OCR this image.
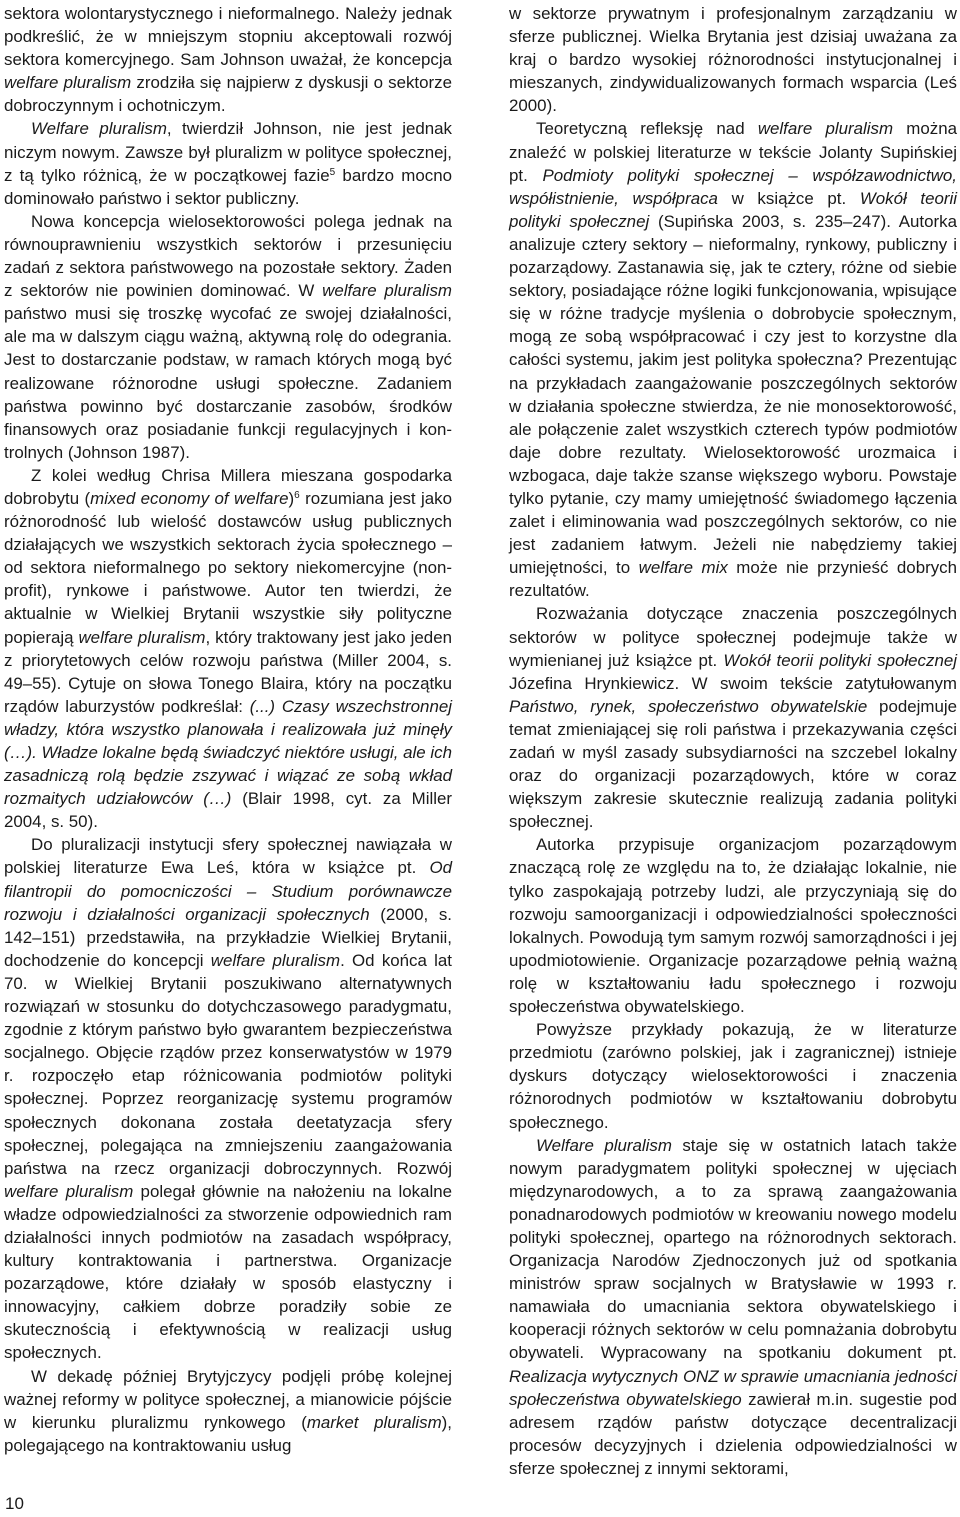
sektora wolontarystycznego i nieformalnego. Należy jednak podkreślić, że w mniejszym stopniu akceptowali rozwój sektora komercyjnego. Sam Johnson uważał, że koncepcja welfare pluralism zrodziła się najpierw z dyskusji o sektorze dobroczynnym i ochotniczym.

Welfare pluralism, twierdził Johnson, nie jest jednak niczym nowym. Zawsze był pluralizm w polityce społecznej, z tą tylko różnicą, że w początkowej fazie$^5$ bardzo mocno dominowało państwo i sektor publiczny.

Nowa koncepcja wielosektorowości polega jednak na równouprawnieniu wszystkich sektorów i przesunięciu zadań z sektora państwowego na pozostałe sektory. Żaden z sektorów nie powinien dominować. W welfare pluralism państwo musi się troszkę wycofać ze swojej działalności, ale ma w dalszym ciągu ważną, aktywną rolę do odegrania. Jest to dostarczanie podstaw, w ramach których mogą być realizowane różnorodne usługi społeczne. Zadaniem państwa powinno być dostarczanie zasobów, środków finansowych oraz posiadanie funkcji regulacyjnych i kontrolnych (Johnson 1987).

Z kolei według Chrisa Millera mieszana gospodarka dobrobytu (mixed economy of welfare)$^6$ rozumiana jest jako różnorodność lub wielość dostawców usług publicznych działających we wszystkich sektorach życia społecznego – od sektora nieformalnego po sektory niekomercyjne (non-profit), rynkowe i państwowe. Autor ten twierdzi, że aktualnie w Wielkiej Brytanii wszystkie siły polityczne popierają welfare pluralism, który traktowany jest jako jeden z priorytetowych celów rozwoju państwa (Miller 2004, s. 49–55). Cytuje on słowa Tonego Blaira, który na początku rządów laburzystów podkreślał: (...) Czasy wszechstronnej władzy, która wszystko planowała i realizowała już minęły (…). Władze lokalne będą świadczyć niektóre usługi, ale ich zasadniczą rolą będzie zszywać i wiązać ze sobą wkład rozmaitych udziałowców (…) (Blair 1998, cyt. za Miller 2004, s. 50).

Do pluralizacji instytucji sfery społecznej nawiązała w polskiej literaturze Ewa Leś, która w książce pt. Od filantropii do pomocniczości – Studium porównawcze rozwoju i działalności organizacji społecznych (2000, s. 142–151) przedstawiła, na przykładzie Wielkiej Brytanii, dochodzenie do koncepcji welfare pluralism. Od końca lat 70. w Wielkiej Brytanii poszukiwano alternatywnych rozwiązań w stosunku do dotychczasowego paradygmatu, zgodnie z którym państwo było gwarantem bezpieczeństwa socjalnego. Objęcie rządów przez konserwatystów w 1979 r. rozpoczęło etap różnicowania podmiotów polityki społecznej. Poprzez reorganizację systemu programów społecznych dokonana została deetatyzacja sfery społecznej, polegająca na zmniejszeniu zaangażowania państwa na rzecz organizacji dobroczynnych. Rozwój welfare pluralism polegał głównie na nałożeniu na lokalne władze odpowiedzialności za stworzenie odpowiednich ram działalności innych podmiotów na zasadach współpracy, kultury kontraktowania i partnerstwa. Organizacje pozarządowe, które działały w sposób elastyczny i innowacyjny, całkiem dobrze poradziły sobie ze skutecznością i efektywnością w realizacji usług społecznych.

W dekadę później Brytyjczycy podjęli próbę kolejnej ważnej reformy w polityce społecznej, a mianowicie pójście w kierunku pluralizmu rynkowego (market pluralism), polegającego na kontraktowaniu usług

w sektorze prywatnym i profesjonalnym zarządzaniu w sferze publicznej. Wielka Brytania jest dzisiaj uważana za kraj o bardzo wysokiej różnorodności instytucjonalnej i mieszanych, zindywidualizowanych formach wsparcia (Leś 2000).

Teoretyczną refleksję nad welfare pluralism można znaleźć w polskiej literaturze w tekście Jolanty Supińskiej pt. Podmioty polityki społecznej – współzawodnictwo, współistnienie, współpraca w książce pt. Wokół teorii polityki społecznej (Supińska 2003, s. 235–247). Autorka analizuje cztery sektory – nieformalny, rynkowy, publiczny i pozarządowy. Zastanawia się, jak te cztery, różne od siebie sektory, posiadające różne logiki funkcjonowania, wpisujące się w różne tradycje myślenia o dobrobycie społecznym, mogą ze sobą współpracować i czy jest to korzystne dla całości systemu, jakim jest polityka społeczna? Prezentując na przykładach zaangażowanie poszczególnych sektorów w działania społeczne stwierdza, że nie monosektorowość, ale połączenie zalet wszystkich czterech typów podmiotów daje dobre rezultaty. Wielosektorowość urozmaica i wzbogaca, daje także szanse większego wyboru. Powstaje tylko pytanie, czy mamy umiejętność świadomego łączenia zalet i eliminowania wad poszczególnych sektorów, co nie jest zadaniem łatwym. Jeżeli nie nabędziemy takiej umiejętności, to welfare mix może nie przynieść dobrych rezultatów.

Rozważania dotyczące znaczenia poszczególnych sektorów w polityce społecznej podejmuje także w wymienianej już książce pt. Wokół teorii polityki społecznej Józefina Hrynkiewicz. W swoim tekście zatytułowanym Państwo, rynek, społeczeństwo obywatelskie podejmuje temat zmieniającej się roli państwa i przekazywania części zadań w myśl zasady subsydiarności na szczebel lokalny oraz do organizacji pozarządowych, które w coraz większym zakresie skutecznie realizują zadania polityki społecznej.

Autorka przypisuje organizacjom pozarządowym znaczącą rolę ze względu na to, że działając lokalnie, nie tylko zaspokajają potrzeby ludzi, ale przyczyniają się do rozwoju samoorganizacji i odpowiedzialności społeczności lokalnych. Powodują tym samym rozwój samorządności i jej upodmiotowienie. Organizacje pozarządowe pełnią ważną rolę w kształtowaniu ładu społecznego i rozwoju społeczeństwa obywatelskiego.

Powyższe przykłady pokazują, że w literaturze przedmiotu (zarówno polskiej, jak i zagranicznej) istnieje dyskurs dotyczący wielosektorowości i znaczenia różnorodnych podmiotów w kształtowaniu dobrobytu społecznego.

Welfare pluralism staje się w ostatnich latach także nowym paradygmatem polityki społecznej w ujęciach międzynarodowych, a to za sprawą zaangażowania ponadnarodowych podmiotów w kreowaniu nowego modelu polityki społecznej, opartego na różnorodnych sektorach. Organizacja Narodów Zjednoczonych już od spotkania ministrów spraw socjalnych w Bratysławie w 1993 r. namawiała do umacniania sektora obywatelskiego i kooperacji różnych sektorów w celu pomnażania dobrobytu obywateli. Wypracowany na spotkaniu dokument pt. Realizacja wytycznych ONZ w sprawie umacniania jedności społeczeństwa obywatelskiego zawierał m.in. sugestie pod adresem rządów państw dotyczące decentralizacji procesów decyzyjnych i dzielenia odpowiedzialności w sferze społecznej z innymi sektorami,

10
